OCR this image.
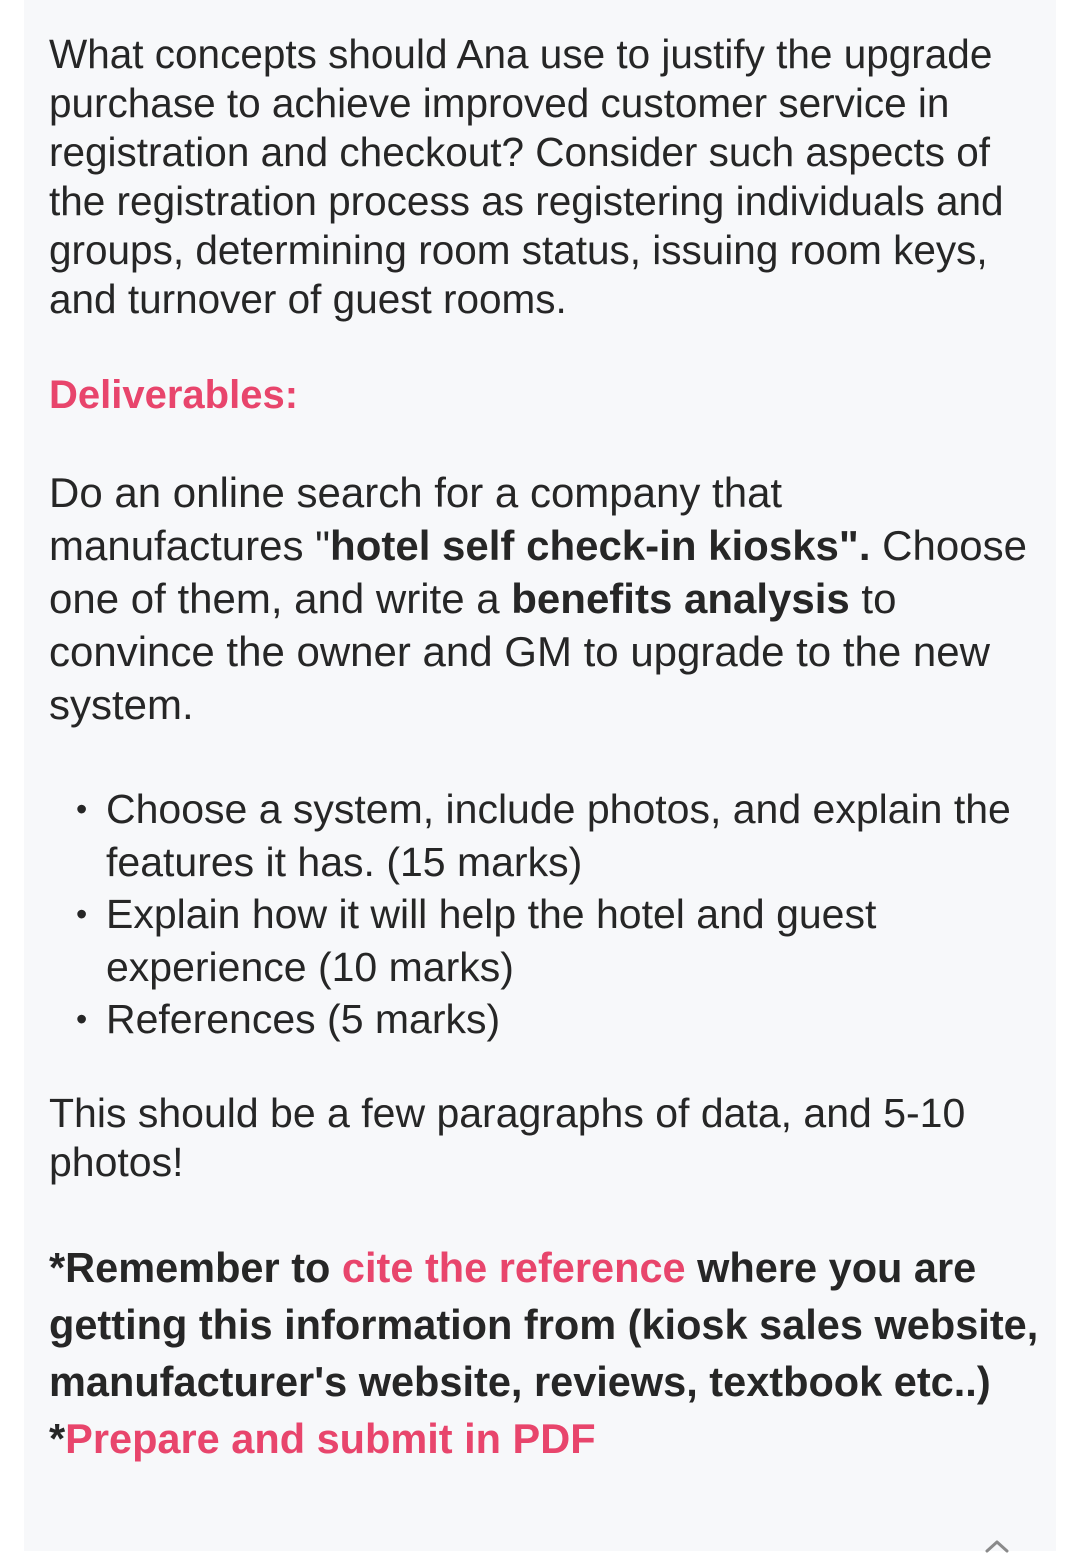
What concepts should Ana use to justify the upgrade purchase to achieve improved customer service in registration and checkout? Consider such aspects of the registration process as registering individuals and groups, determining room status, issuing room keys, and turnover of guest rooms.

Deliverables:

Do an online search for a company that manufactures "hotel self check-in kiosks". Choose one of them, and write a benefits analysis to convince the owner and GM to upgrade to the new system.

• Choose a system, include photos, and explain the features it has. (15 marks)
• Explain how it will help the hotel and guest experience (10 marks)
• References (5 marks)

This should be a few paragraphs of data, and 5-10 photos!

*Remember to cite the reference where you are getting this information from (kiosk sales website, manufacturer's website, reviews, textbook etc..)

*Prepare and submit in PDF
